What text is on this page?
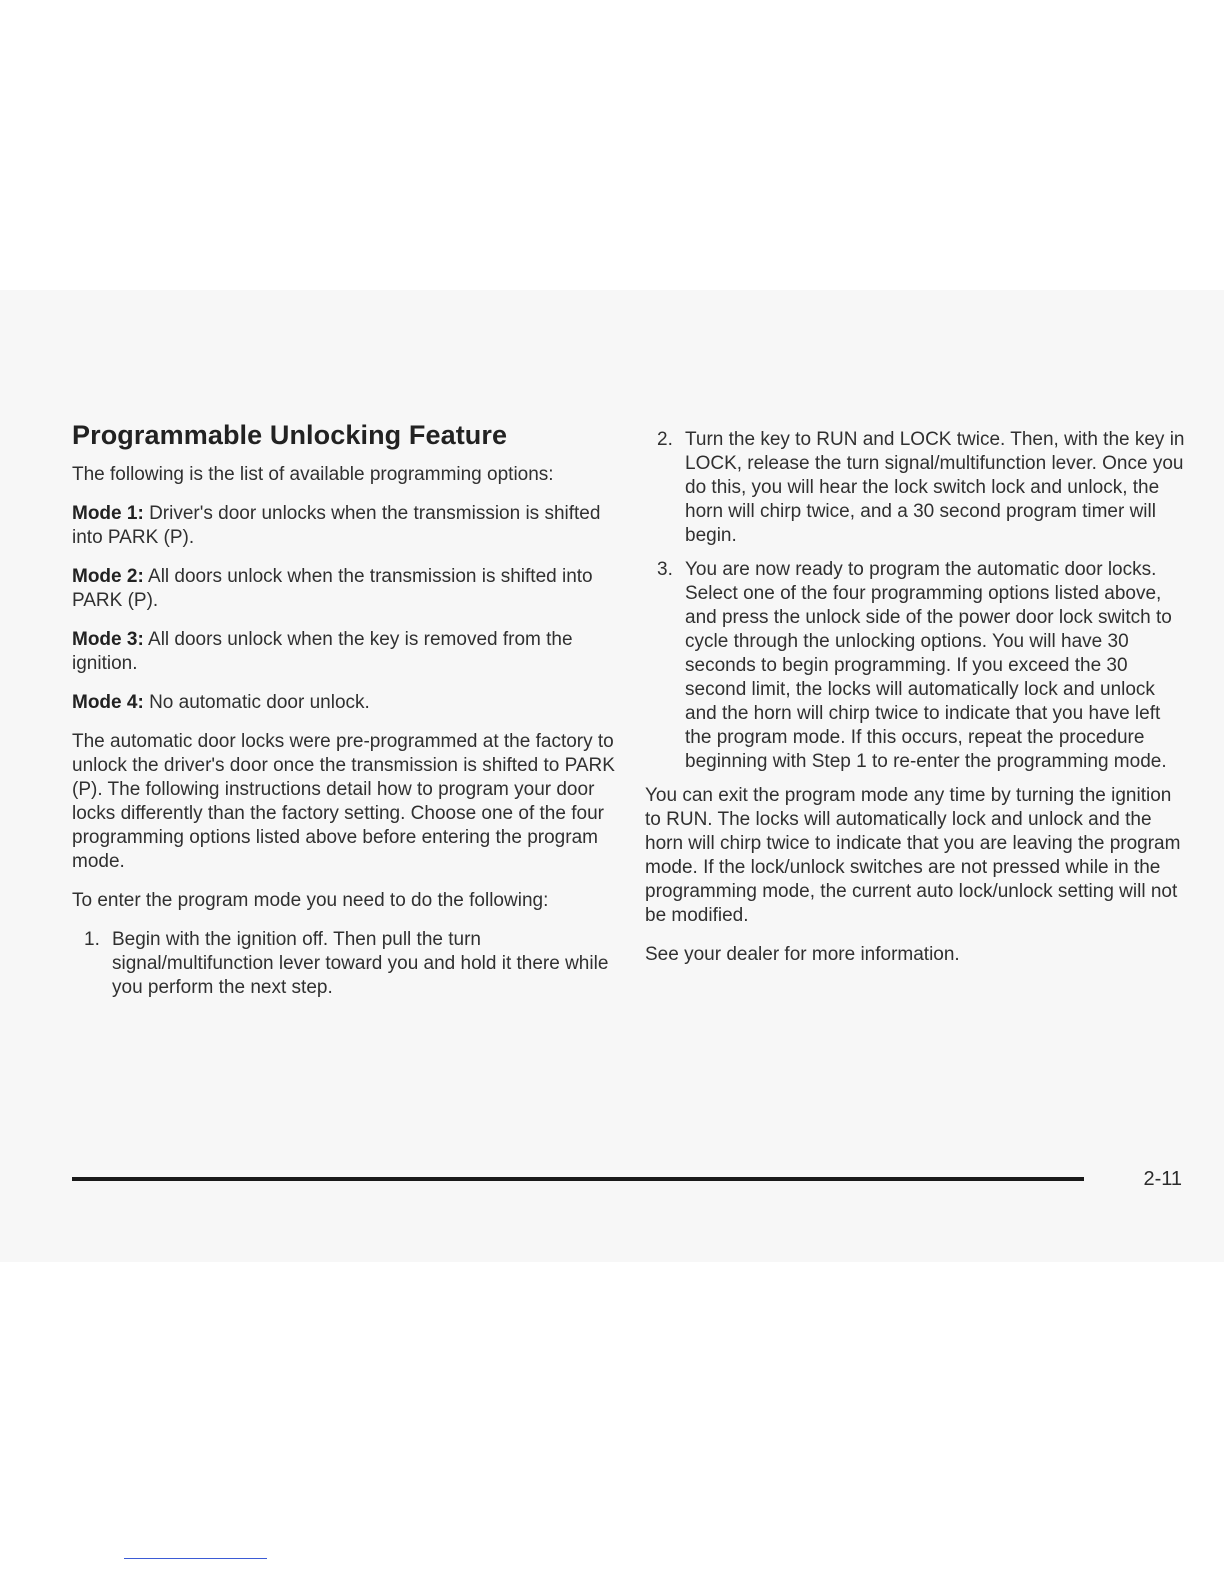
Programmable Unlocking Feature

The following is the list of available programming options:

Mode 1: Driver's door unlocks when the transmission is shifted into PARK (P).

Mode 2: All doors unlock when the transmission is shifted into PARK (P).

Mode 3: All doors unlock when the key is removed from the ignition.

Mode 4: No automatic door unlock.

The automatic door locks were pre-programmed at the factory to unlock the driver's door once the transmission is shifted to PARK (P). The following instructions detail how to program your door locks differently than the factory setting. Choose one of the four programming options listed above before entering the program mode.

To enter the program mode you need to do the following:

1. Begin with the ignition off. Then pull the turn signal/multifunction lever toward you and hold it there while you perform the next step.
2. Turn the key to RUN and LOCK twice. Then, with the key in LOCK, release the turn signal/multifunction lever. Once you do this, you will hear the lock switch lock and unlock, the horn will chirp twice, and a 30 second program timer will begin.
3. You are now ready to program the automatic door locks. Select one of the four programming options listed above, and press the unlock side of the power door lock switch to cycle through the unlocking options. You will have 30 seconds to begin programming. If you exceed the 30 second limit, the locks will automatically lock and unlock and the horn will chirp twice to indicate that you have left the program mode. If this occurs, repeat the procedure beginning with Step 1 to re-enter the programming mode.

You can exit the program mode any time by turning the ignition to RUN. The locks will automatically lock and unlock and the horn will chirp twice to indicate that you are leaving the program mode. If the lock/unlock switches are not pressed while in the programming mode, the current auto lock/unlock setting will not be modified.

See your dealer for more information.

2-11
